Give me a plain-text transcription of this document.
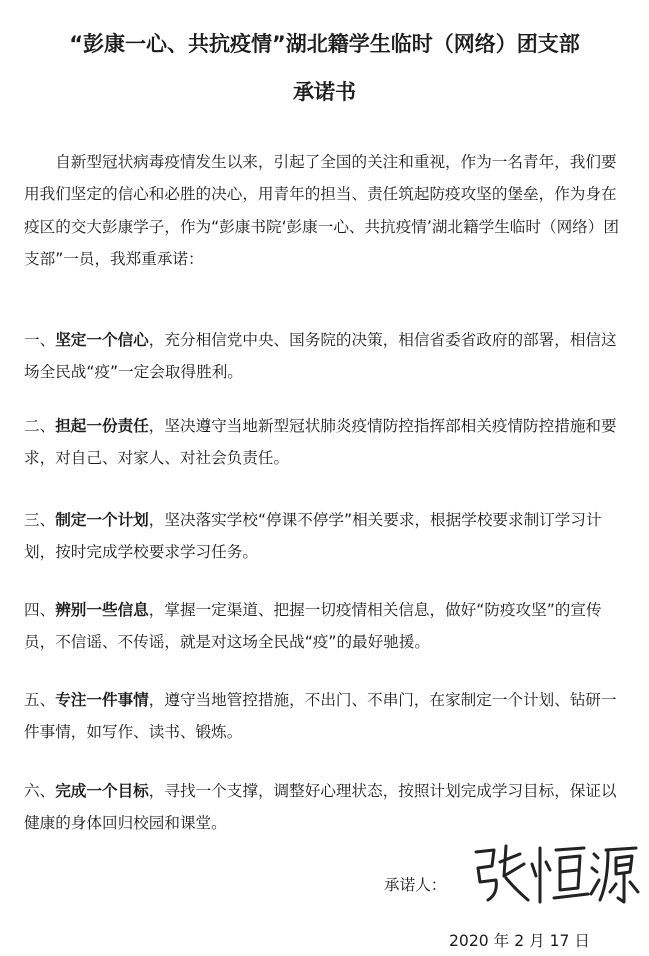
“彭康一心、共抗疫情”湖北籍学生临时（网络）团支部
承诺书

自新型冠状病毒疫情发生以来，引起了全国的关注和重视，作为一名青年，我们要用我们坚定的信心和必胜的决心，用青年的担当、责任筑起防疫攻坚的堡垒，作为身在疫区的交大彭康学子，作为“彭康书院‘彭康一心、共抗疫情’湖北籍学生临时（网络）团支部”一员，我郑重承诺：

一、坚定一个信心，充分相信党中央、国务院的决策，相信省委省政府的部署，相信这场全民战“疫”一定会取得胜利。

二、担起一份责任，坚决遵守当地新型冠状肺炎疫情防控指挥部相关疫情防控措施和要求，对自己、对家人、对社会负责任。

三、制定一个计划，坚决落实学校“停课不停学”相关要求，根据学校要求制订学习计划，按时完成学校要求学习任务。

四、辨别一些信息，掌握一定渠道、把握一切疫情相关信息，做好“防疫攻坚”的宣传员，不信谣、不传谣，就是对这场全民战“疫”的最好驰援。

五、专注一件事情，遵守当地管控措施，不出门、不串门，在家制定一个计划、钻研一件事情，如写作、读书、锻炼。

六、完成一个目标，寻找一个支撑，调整好心理状态，按照计划完成学习目标，保证以健康的身体回归校园和课堂。

承诺人：
2020 年 2 月 17 日
